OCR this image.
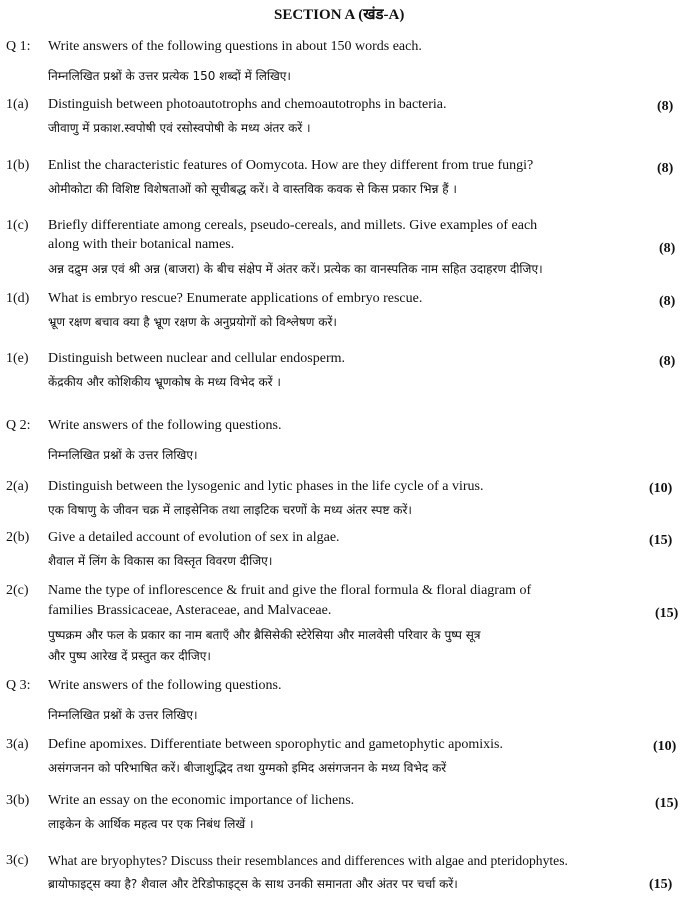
SECTION A (खंड-A)
Q 1: Write answers of the following questions in about 150 words each.
निम्नलिखित प्रश्नों के उत्तर प्रत्येक 150 शब्दों में लिखिए।
1(a) Distinguish between photoautotrophs and chemoautotrophs in bacteria.
जीवाणु में प्रकाश.स्वपोषी एवं रसोस्वपोषी के मध्य अंतर करें ।
(8)
1(b) Enlist the characteristic features of Oomycota. How are they different from true fungi?
ओमीकोटा की विशिष्ट विशेषताओं को सूचीबद्ध करें। वे वास्तविक कवक से किस प्रकार भिन्न हैं ।
(8)
1(c) Briefly differentiate among cereals, pseudo-cereals, and millets. Give examples of each
along with their botanical names.
अन्न दद्रुम अन्न एवं श्री अन्न (बाजरा) के बीच संक्षेप में अंतर करें। प्रत्येक का वानस्पतिक नाम सहित उदाहरण दीजिए।
(8)
1(d) What is embryo rescue? Enumerate applications of embryo rescue.
भ्रूण रक्षण बचाव क्या है भ्रूण रक्षण के अनुप्रयोगों को विश्लेषण करें।
(8)
1(e) Distinguish between nuclear and cellular endosperm.
केंद्रकीय और कोशिकीय भ्रूणकोष के मध्य विभेद करें ।
(8)
Q 2: Write answers of the following questions.
निम्नलिखित प्रश्नों के उत्तर लिखिए।
2(a) Distinguish between the lysogenic and lytic phases in the life cycle of a virus.
एक विषाणु के जीवन चक्र में लाइसेनिक तथा लाइटिक चरणों के मध्य अंतर स्पष्ट करें।
(10)
2(b) Give a detailed account of evolution of sex in algae.
शैवाल में लिंग के विकास का विस्तृत विवरण दीजिए।
(15)
2(c) Name the type of inflorescence & fruit and give the floral formula & floral diagram of
families Brassicaceae, Asteraceae, and Malvaceae.
पुष्पक्रम और फल के प्रकार का नाम बताएँ और ब्रैसिसेकी स्टेरेसिया और मालवेसी परिवार के पुष्प सूत्र
और पुष्प आरेख दें प्रस्तुत कर दीजिए।
(15)
Q 3: Write answers of the following questions.
निम्नलिखित प्रश्नों के उत्तर लिखिए।
3(a) Define apomixes. Differentiate between sporophytic and gametophytic apomixis.
असंगजनन को परिभाषित करें। बीजाशुद्भिद तथा युग्मको इमिद असंगजनन के मध्य विभेद करें
(10)
3(b) Write an essay on the economic importance of lichens.
लाइकेन के आर्थिक महत्व पर एक निबंध लिखें ।
(15)
3(c) What are bryophytes? Discuss their resemblances and differences with algae and pteridophytes.
ब्रायोफाइट्स क्या है? शैवाल और टेरिडोफाइट्स के साथ उनकी समानता और अंतर पर चर्चा करें।	(15)
